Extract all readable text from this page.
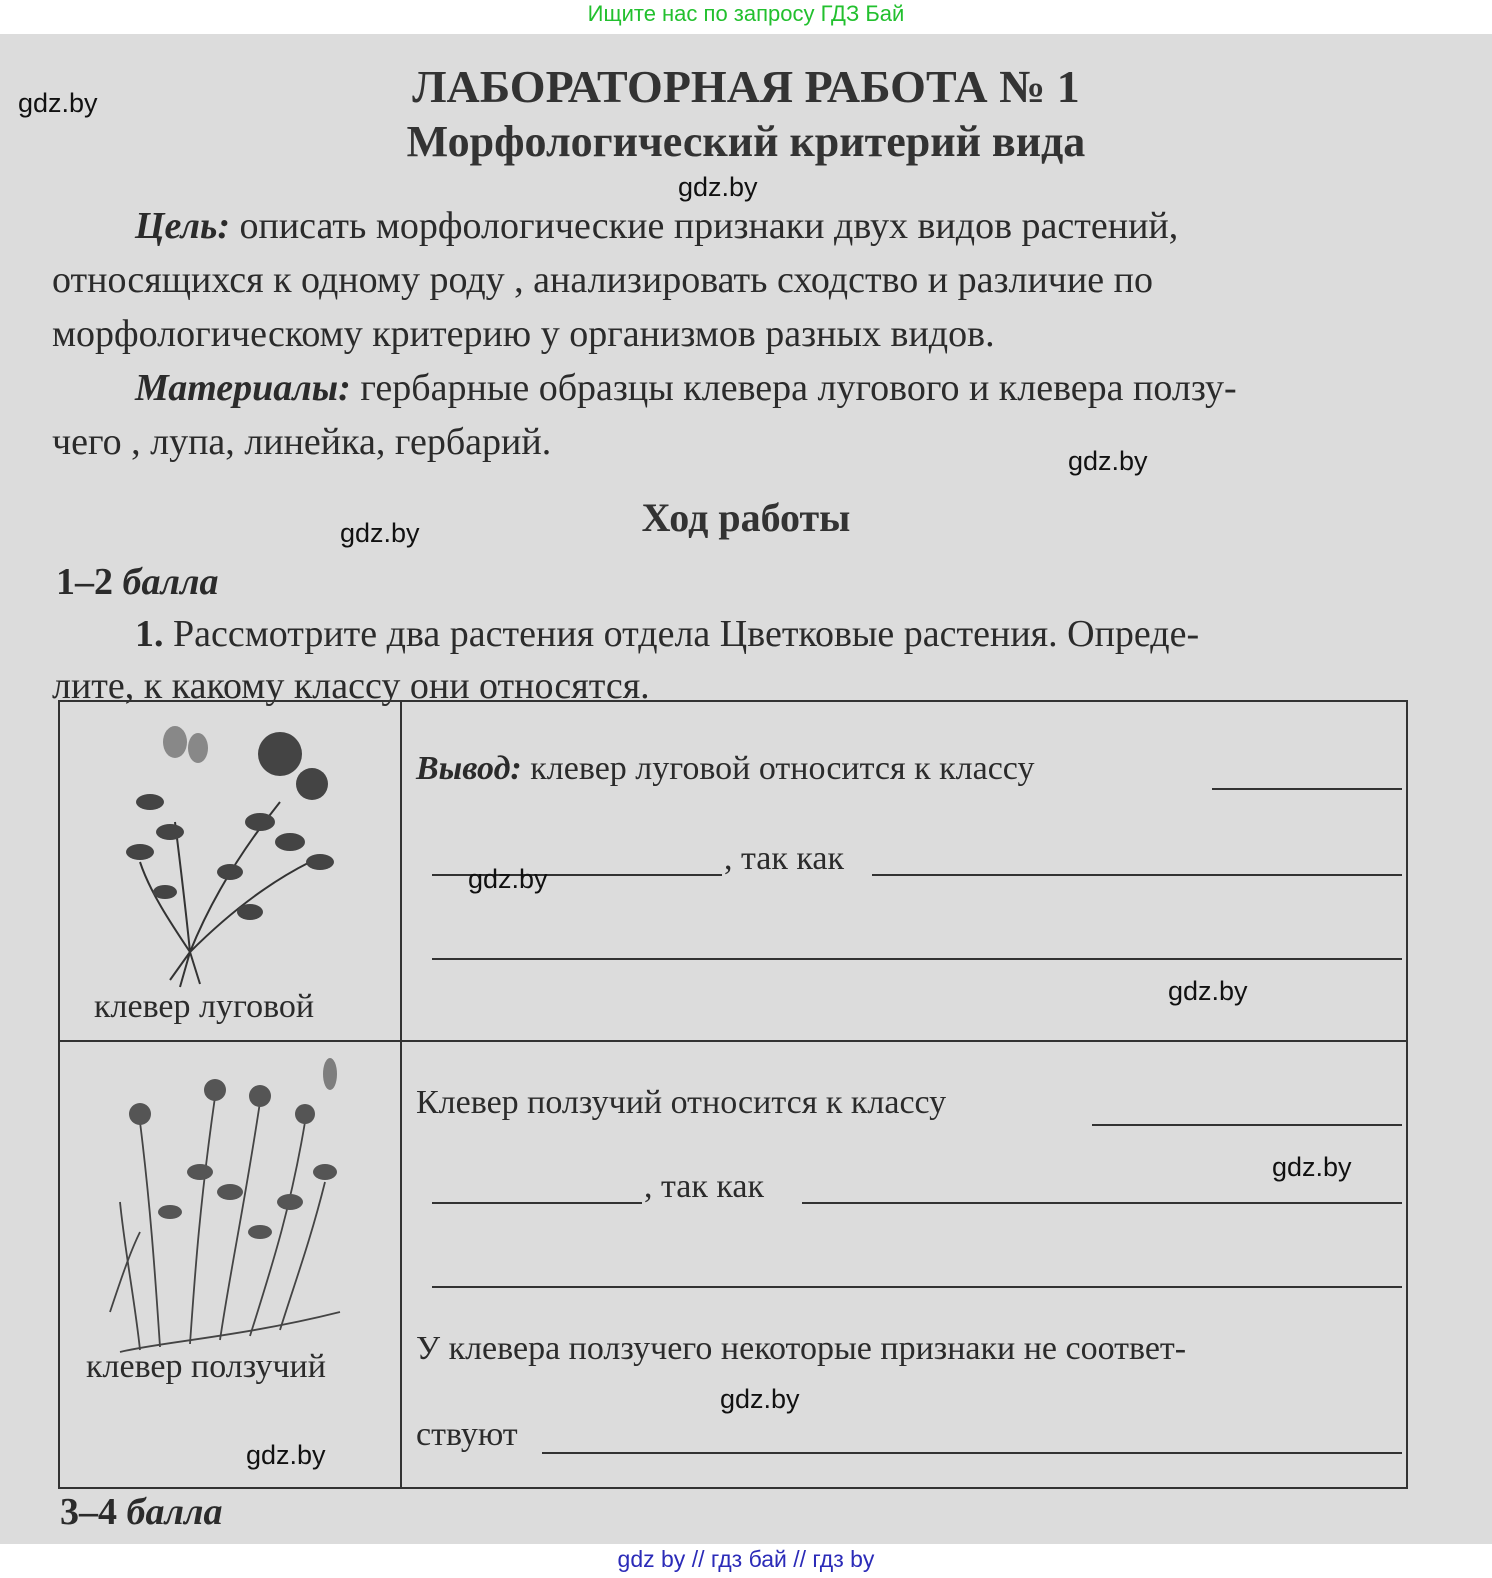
Ищите нас по запросу ГДЗ Бай
ЛАБОРАТОРНАЯ РАБОТА № 1
Морфологический критерий вида
Цель: описать морфологические признаки двух видов растений,
относящихся к одному роду , анализировать сходство и различие по
морфологическому критерию у организмов разных видов.
Материалы: гербарные образцы клевера лугового и клевера ползу-
чего , лупа, линейка, гербарий.
Ход работы
1–2 балла
1. Рассмотрите два растения отдела Цветковые растения. Опреде-
лите, к какому классу они относятся.
клевер луговой	Вывод: клевер луговой относится к классу
, так как

клевер ползучий	Клевер ползучий относится к классу
, так как
У клевера ползучего некоторые признаки не соответ-
ствуют
3–4 балла
gdz.by
gdz.by
gdz.by
gdz.by
gdz.by
gdz.by
gdz.by
gdz.by
gdz.by
gdz by // гдз бай // гдз by
